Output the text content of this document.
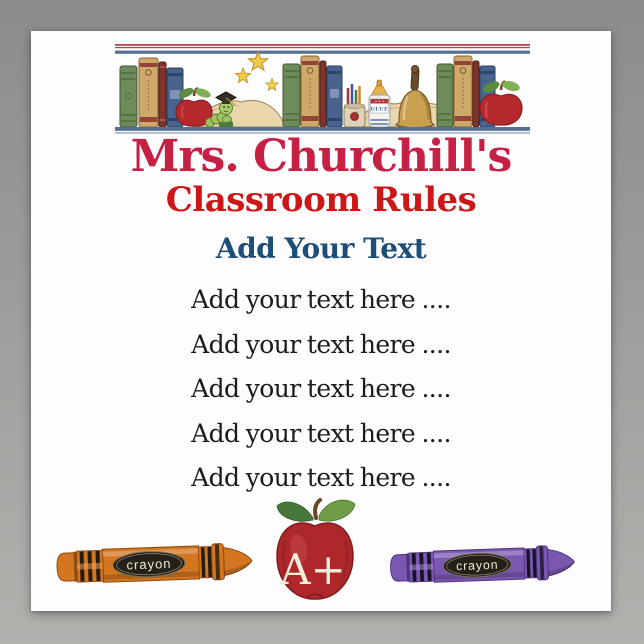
GLUE
Mrs. Churchill's
Classroom Rules
Add Your Text
Add your text here ....
Add your text here ....
Add your text here ....
Add your text here ....
Add your text here ....
crayon	A+	crayon
